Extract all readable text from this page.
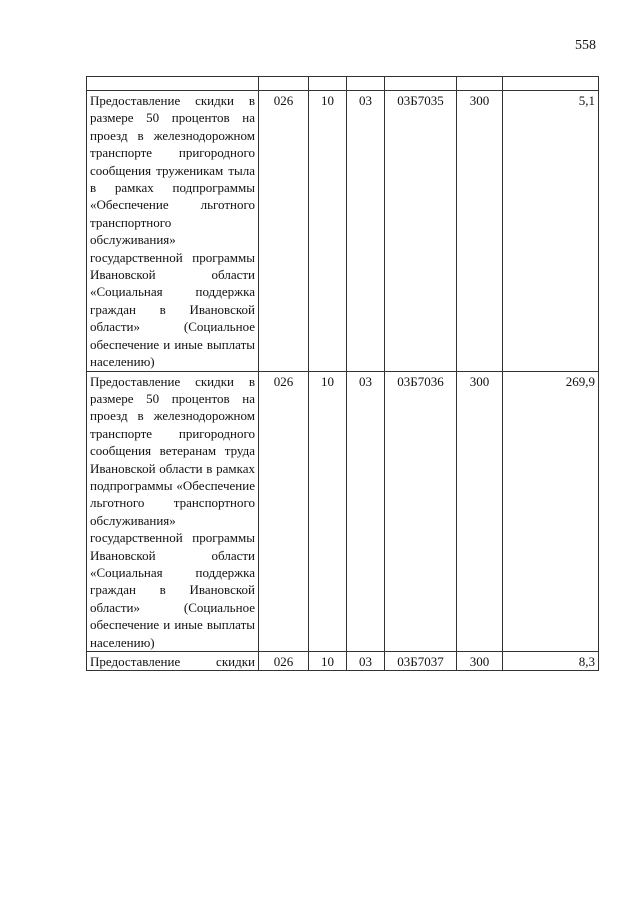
558

Предоставление скидки в размере 50 процентов на проезд в железнодорожном транспорте пригородного сообщения труженикам тыла в рамках подпрограммы «Обеспечение льготного транспортного обслуживания» государственной программы Ивановской области «Социальная поддержка граждан в Ивановской области» (Социальное обеспечение и иные выплаты населению)	026	10	03	03Б7035	300	5,1
Предоставление скидки в размере 50 процентов на проезд в железнодорожном транспорте пригородного сообщения ветеранам труда Ивановской области в рамках подпрограммы «Обеспечение льготного транспортного обслуживания» государственной программы Ивановской области «Социальная поддержка граждан в Ивановской области» (Социальное обеспечение и иные выплаты населению)	026	10	03	03Б7036	300	269,9
Предоставление скидки	026	10	03	03Б7037	300	8,3
